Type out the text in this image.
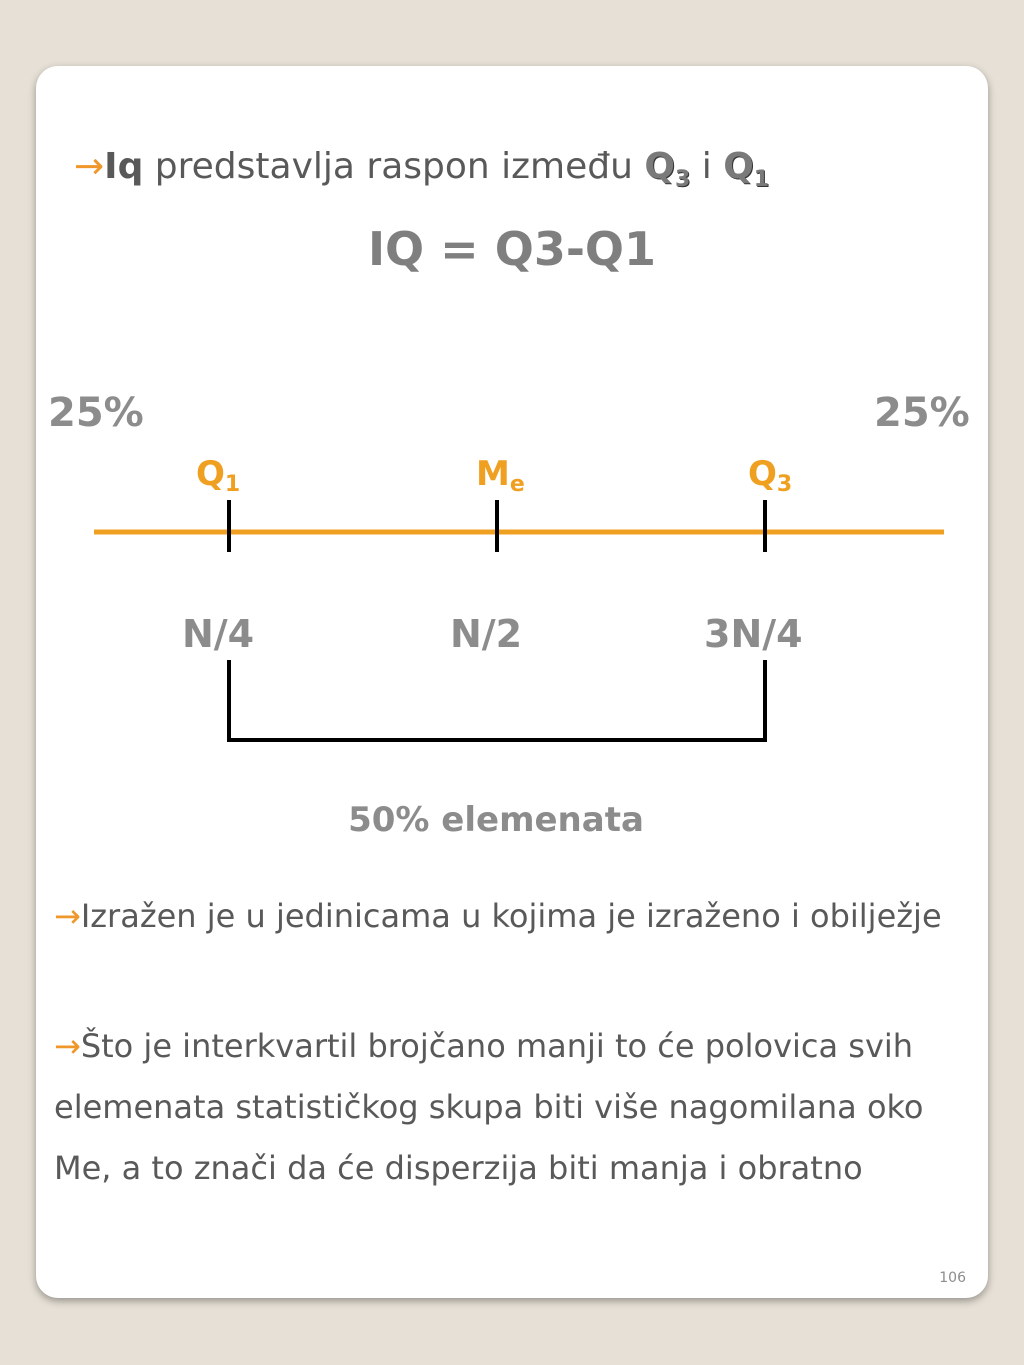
→Iq predstavlja raspon između $Q_3$ i $Q_1$
IQ = Q3-Q1
25%	25%
$Q_1$	$M_e$	$Q_3$
N/4	N/2	3N/4
50% elemenata
→Izražen je u jedinicama u kojima je izraženo i obilježje
→Što je interkvartil brojčano manji to će polovica svih elemenata statističkog skupa biti više nagomilana oko Me, a to znači da će disperzija biti manja i obratno
106
